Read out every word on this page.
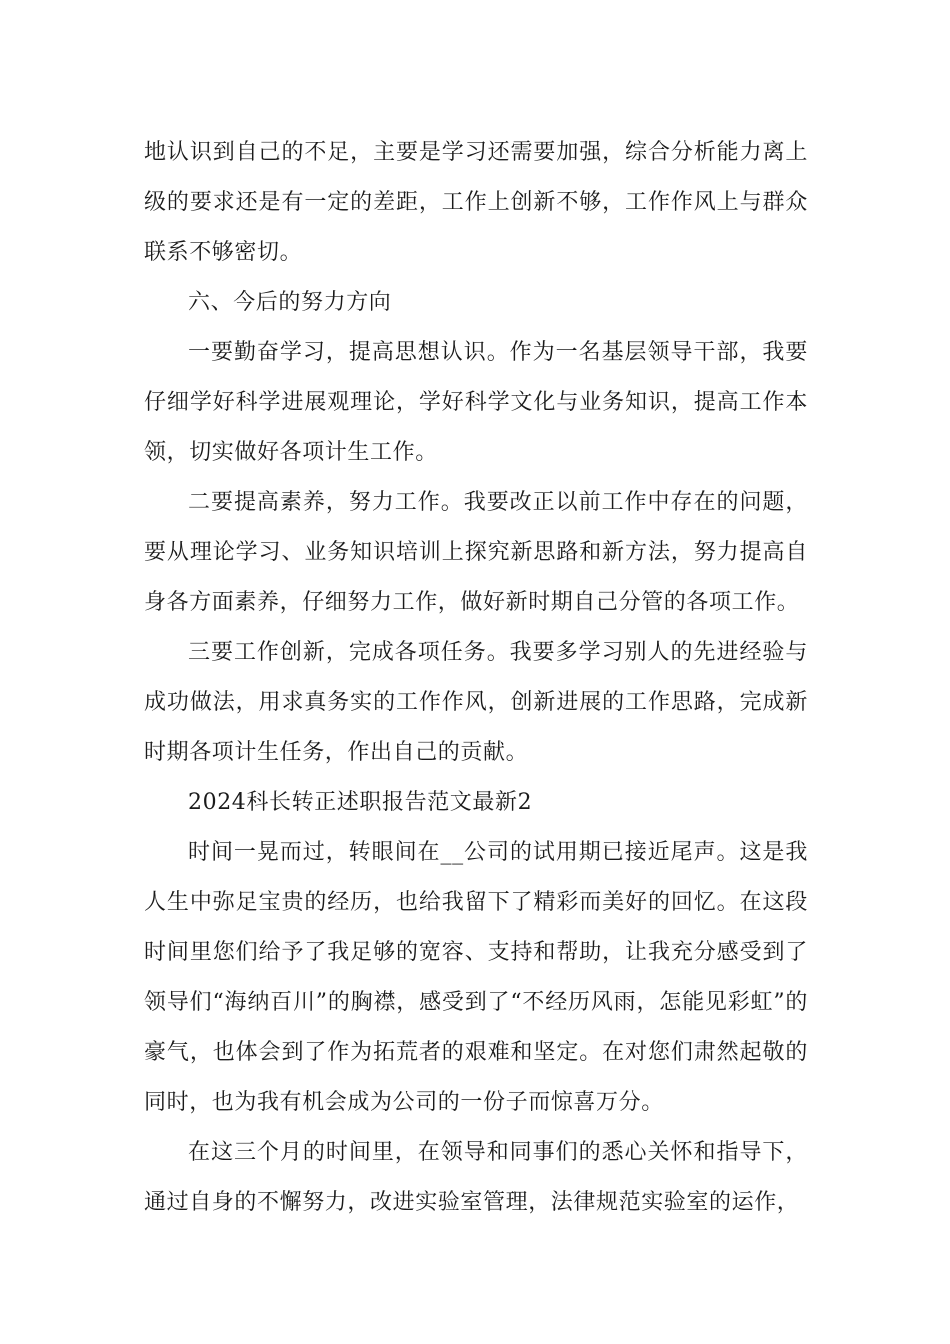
地认识到自己的不足，主要是学习还需要加强，综合分析能力离上级的要求还是有一定的差距，工作上创新不够，工作作风上与群众联系不够密切。

六、今后的努力方向

一要勤奋学习，提高思想认识。作为一名基层领导干部，我要仔细学好科学进展观理论，学好科学文化与业务知识，提高工作本领，切实做好各项计生工作。

二要提高素养，努力工作。我要改正以前工作中存在的问题，要从理论学习、业务知识培训上探究新思路和新方法，努力提高自身各方面素养，仔细努力工作，做好新时期自己分管的各项工作。

三要工作创新，完成各项任务。我要多学习别人的先进经验与成功做法，用求真务实的工作作风，创新进展的工作思路，完成新时期各项计生任务，作出自己的贡献。

2024科长转正述职报告范文最新2

时间一晃而过，转眼间在__公司的试用期已接近尾声。这是我人生中弥足宝贵的经历，也给我留下了精彩而美好的回忆。在这段时间里您们给予了我足够的宽容、支持和帮助，让我充分感受到了领导们“海纳百川”的胸襟，感受到了“不经历风雨，怎能见彩虹”的豪气，也体会到了作为拓荒者的艰难和坚定。在对您们肃然起敬的同时，也为我有机会成为公司的一份子而惊喜万分。

在这三个月的时间里，在领导和同事们的悉心关怀和指导下，通过自身的不懈努力，改进实验室管理，法律规范实验室的运作，
